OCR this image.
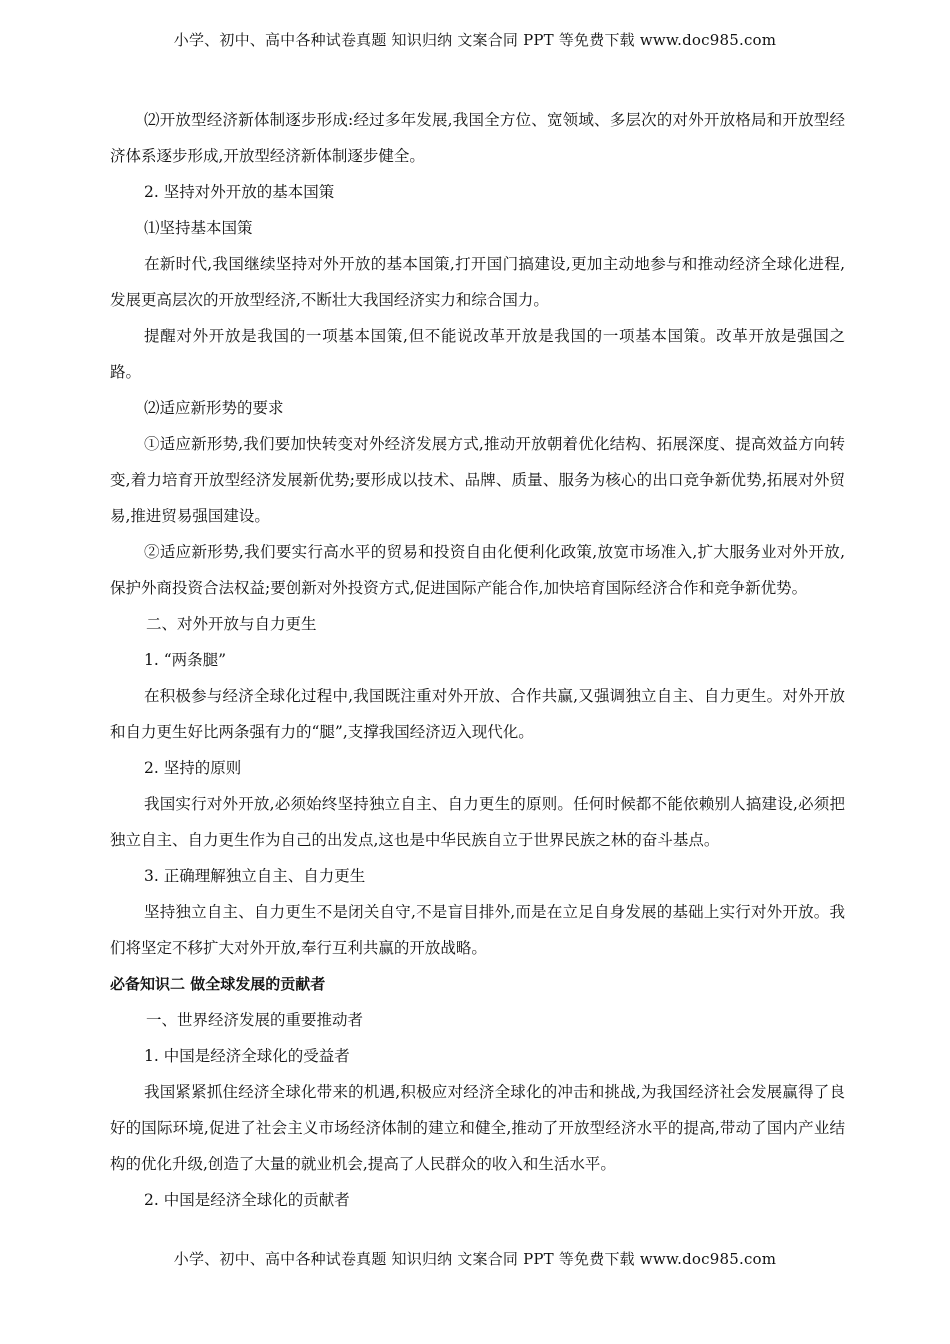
小学、初中、高中各种试卷真题 知识归纳 文案合同 PPT 等免费下载 www.doc985.com

⑵开放型经济新体制逐步形成:经过多年发展,我国全方位、宽领域、多层次的对外开放格局和开放型经济体系逐步形成,开放型经济新体制逐步健全。

2. 坚持对外开放的基本国策

⑴坚持基本国策

在新时代,我国继续坚持对外开放的基本国策,打开国门搞建设,更加主动地参与和推动经济全球化进程,发展更高层次的开放型经济,不断壮大我国经济实力和综合国力。

提醒对外开放是我国的一项基本国策,但不能说改革开放是我国的一项基本国策。改革开放是强国之路。

⑵适应新形势的要求

①适应新形势,我们要加快转变对外经济发展方式,推动开放朝着优化结构、拓展深度、提高效益方向转变,着力培育开放型经济发展新优势;要形成以技术、品牌、质量、服务为核心的出口竞争新优势,拓展对外贸易,推进贸易强国建设。

②适应新形势,我们要实行高水平的贸易和投资自由化便利化政策,放宽市场准入,扩大服务业对外开放,保护外商投资合法权益;要创新对外投资方式,促进国际产能合作,加快培育国际经济合作和竞争新优势。

二、对外开放与自力更生

1. “两条腿”

在积极参与经济全球化过程中,我国既注重对外开放、合作共赢,又强调独立自主、自力更生。对外开放和自力更生好比两条强有力的“腿”,支撑我国经济迈入现代化。

2. 坚持的原则

我国实行对外开放,必须始终坚持独立自主、自力更生的原则。任何时候都不能依赖别人搞建设,必须把独立自主、自力更生作为自己的出发点,这也是中华民族自立于世界民族之林的奋斗基点。

3. 正确理解独立自主、自力更生

坚持独立自主、自力更生不是闭关自守,不是盲目排外,而是在立足自身发展的基础上实行对外开放。我们将坚定不移扩大对外开放,奉行互利共赢的开放战略。

必备知识二 做全球发展的贡献者

一、世界经济发展的重要推动者

1. 中国是经济全球化的受益者

我国紧紧抓住经济全球化带来的机遇,积极应对经济全球化的冲击和挑战,为我国经济社会发展赢得了良好的国际环境,促进了社会主义市场经济体制的建立和健全,推动了开放型经济水平的提高,带动了国内产业结构的优化升级,创造了大量的就业机会,提高了人民群众的收入和生活水平。

2. 中国是经济全球化的贡献者

小学、初中、高中各种试卷真题 知识归纳 文案合同 PPT 等免费下载 www.doc985.com
